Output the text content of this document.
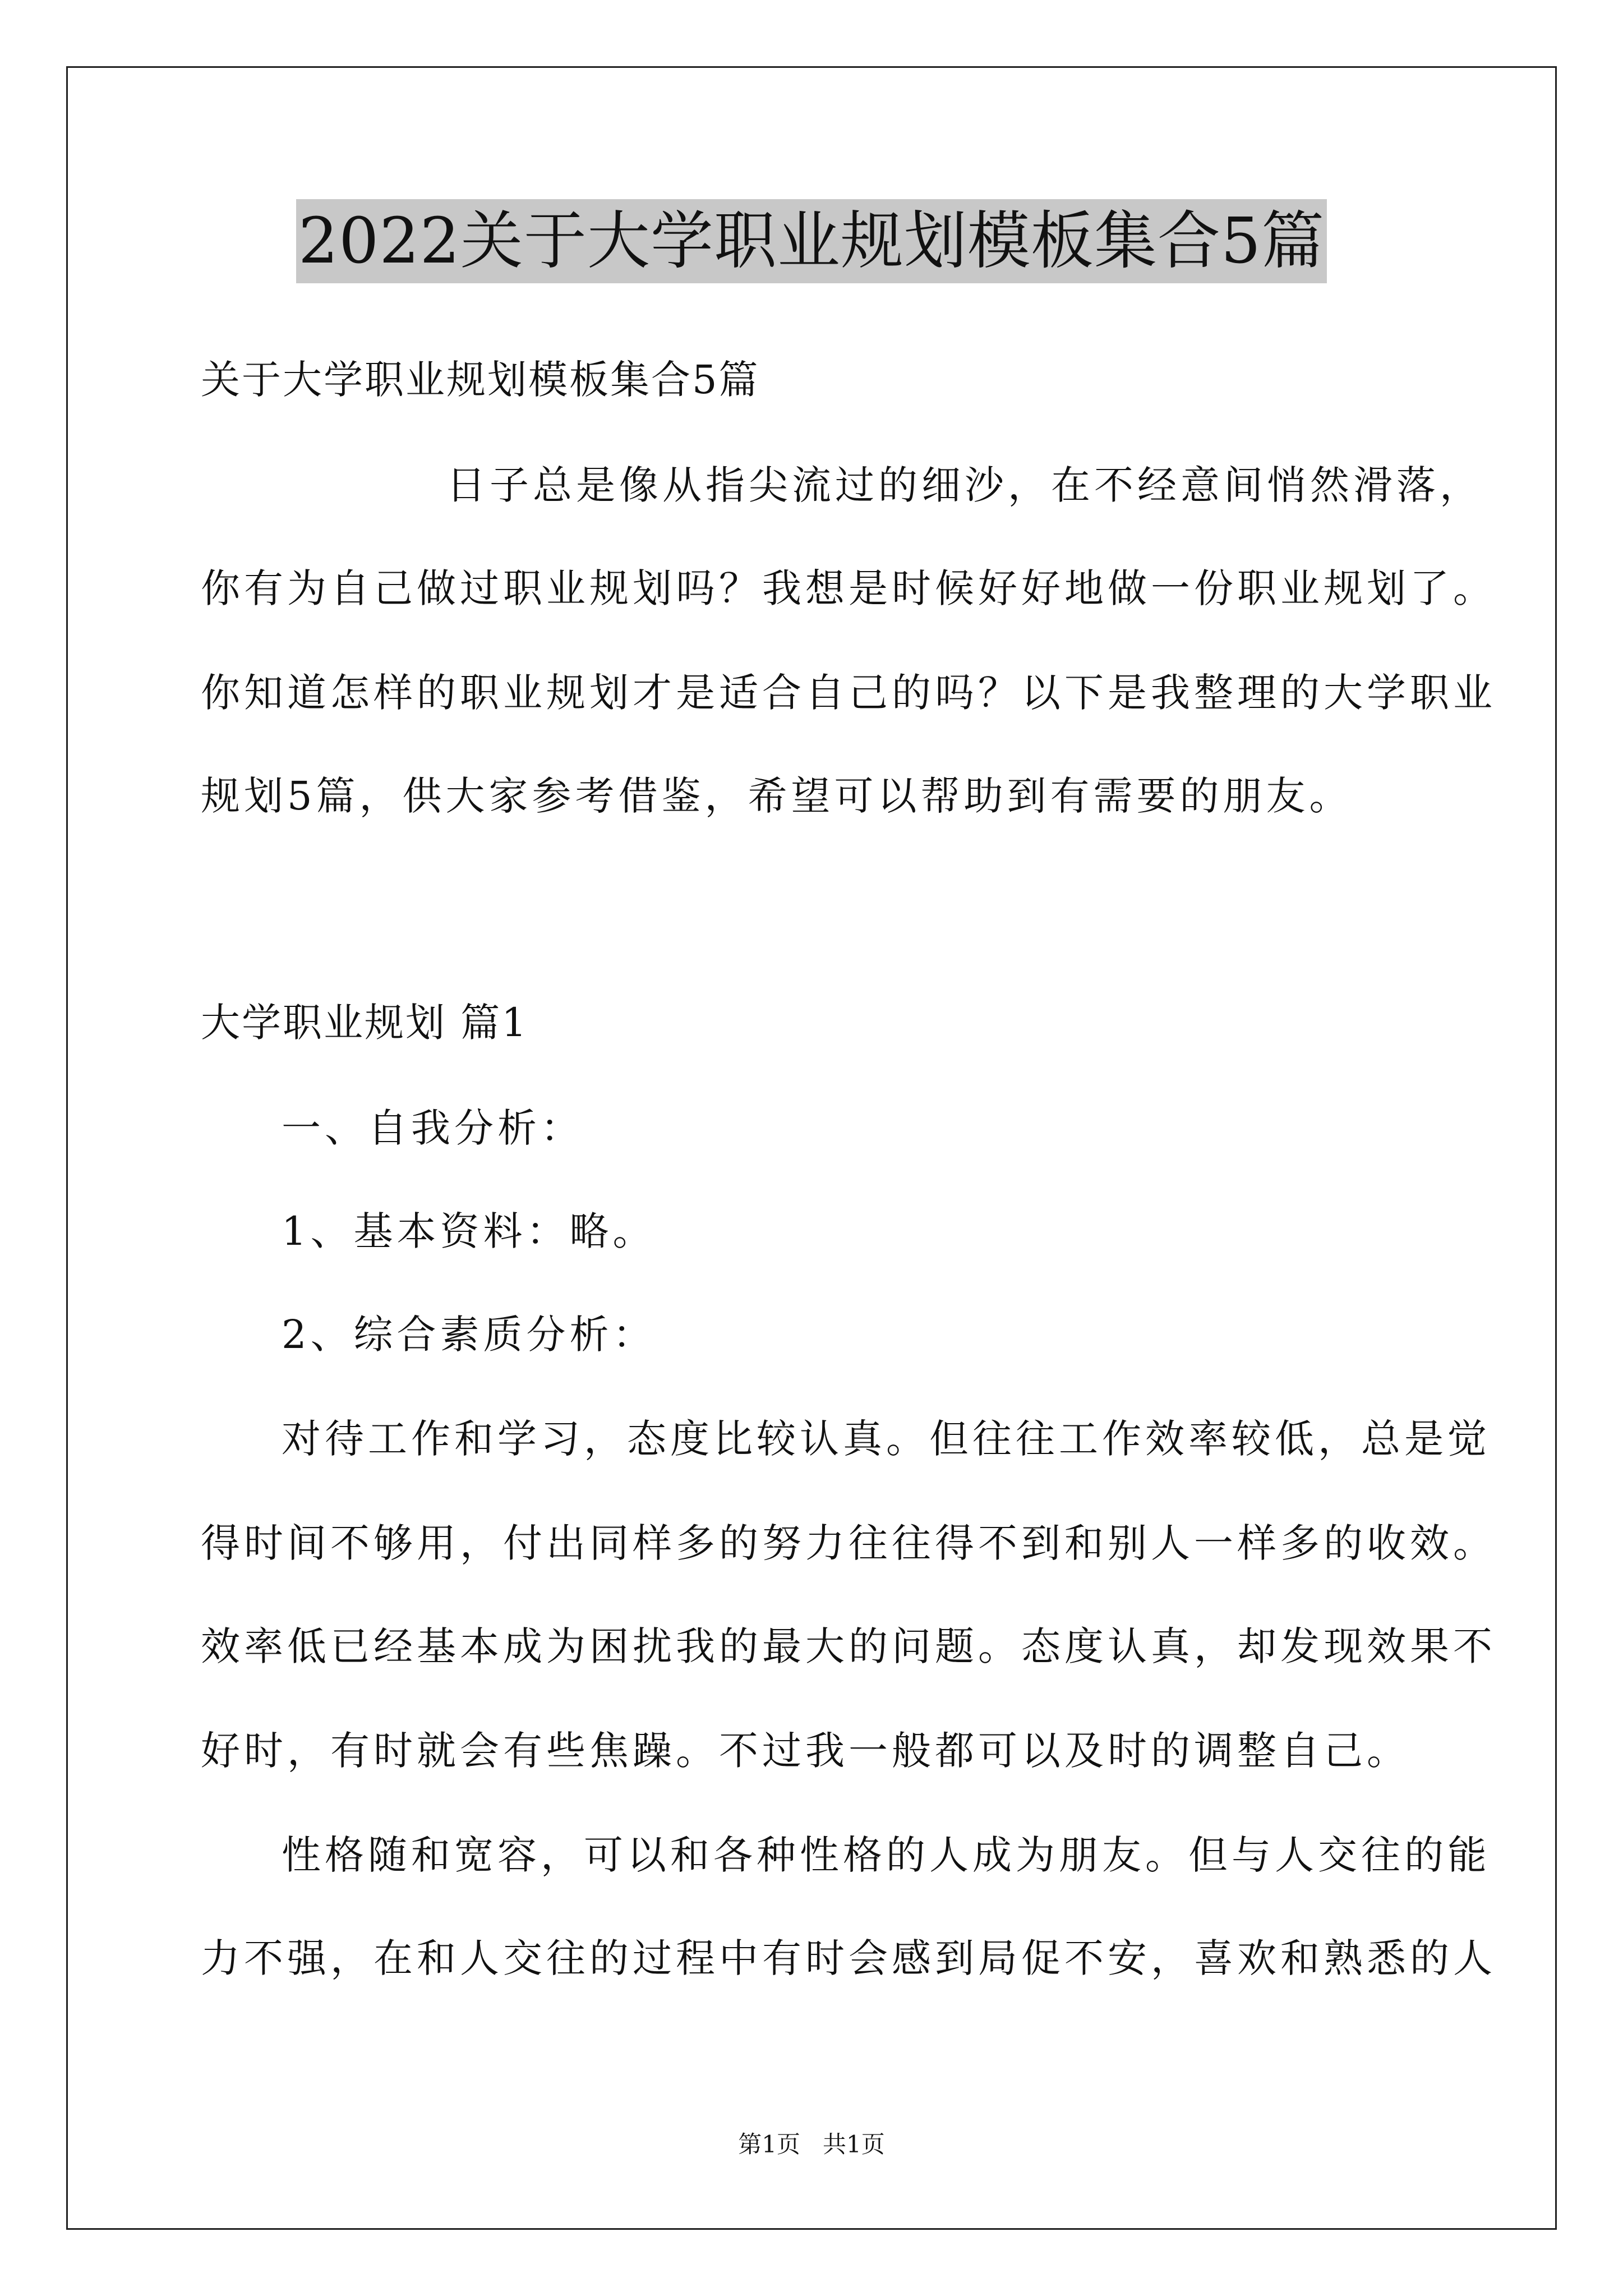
2022关于大学职业规划模板集合5篇
关于大学职业规划模板集合5篇
日子总是像从指尖流过的细沙，在不经意间悄然滑落，
你有为自己做过职业规划吗？我想是时候好好地做一份职业规划了。
你知道怎样的职业规划才是适合自己的吗？以下是我整理的大学职业
规划5篇，供大家参考借鉴，希望可以帮助到有需要的朋友。
大学职业规划 篇1
一、自我分析：
1、基本资料：略。
2、综合素质分析：
对待工作和学习，态度比较认真。但往往工作效率较低，总是觉
得时间不够用，付出同样多的努力往往得不到和别人一样多的收效。
效率低已经基本成为困扰我的最大的问题。态度认真，却发现效果不
好时，有时就会有些焦躁。不过我一般都可以及时的调整自己。
性格随和宽容，可以和各种性格的人成为朋友。但与人交往的能
力不强，在和人交往的过程中有时会感到局促不安，喜欢和熟悉的人
第1页 共1页
